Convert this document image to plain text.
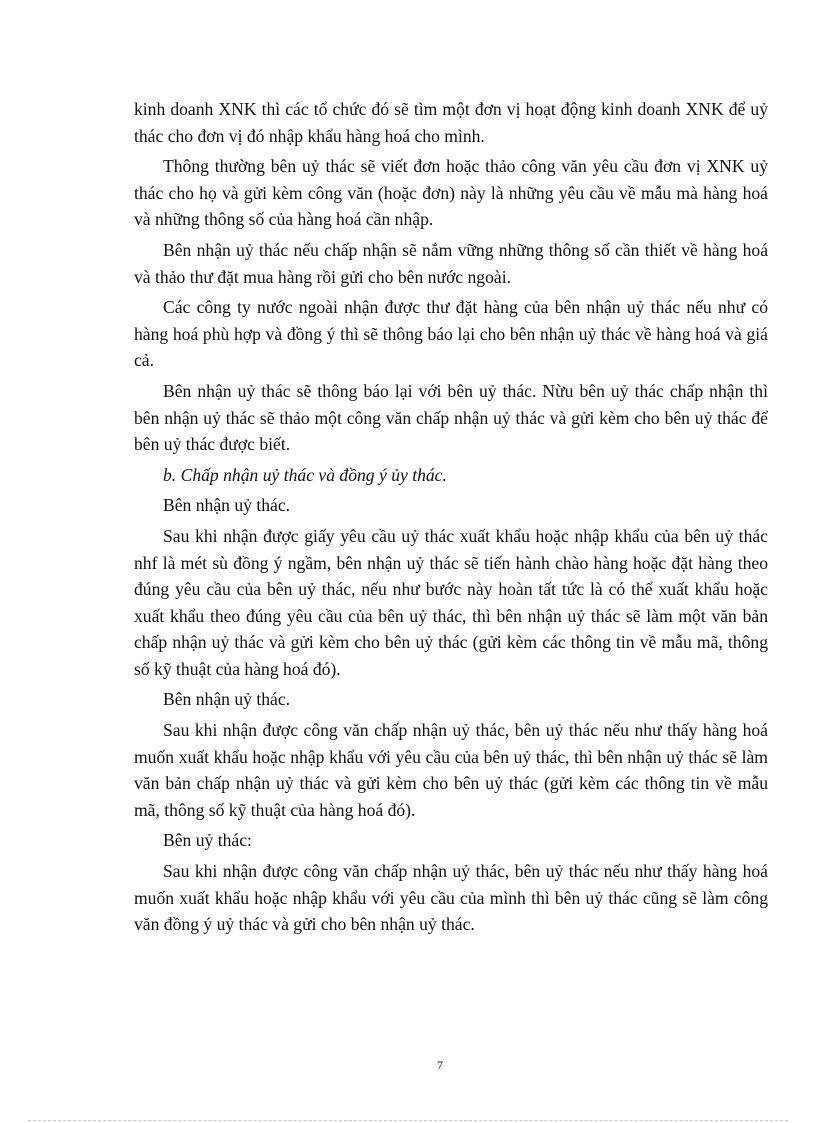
kinh doanh XNK thì các tổ chức đó sẽ tìm một đơn vị hoạt động kinh doanh XNK để uỷ thác cho đơn vị đó nhập khẩu hàng hoá cho mình.

Thông thường bên uỷ thác sẽ viết đơn hoặc thảo công văn yêu cầu đơn vị XNK uỷ thác cho họ và gửi kèm công văn (hoặc đơn) này là những yêu cầu về mẫu mà hàng hoá và những thông số của hàng hoá cần nhập.

Bên nhận uỷ thác nếu chấp nhận sẽ nắm vững những thông số cần thiết về hàng hoá và thảo thư đặt mua hàng rồi gửi cho bên nước ngoài.

Các công ty nước ngoài nhận được thư đặt hàng của bên nhận uỷ thác nếu như có hàng hoá phù hợp và đồng ý thì sẽ thông báo lại cho bên nhận uỷ thác về hàng hoá và giá cả.

Bên nhận uỷ thác sẽ thông báo lại với bên uỷ thác. Nừu bên uỷ thác chấp nhận thì bên nhận uỷ thác sẽ thảo một công văn chấp nhận uỷ thác và gửi kèm cho bên uỷ thác để bên uỷ thác được biết.

b. Chấp nhận uỷ thác và đồng ý ủy thác.

Bên nhận uỷ thác.

Sau khi nhận được giấy yêu cầu uỷ thác xuất khẩu hoặc nhập khẩu của bên uỷ thác nhf là mét sù đồng ý ngầm, bên nhận uỷ thác sẽ tiến hành chào hàng hoặc đặt hàng theo đúng yêu cầu của bên uỷ thác, nếu như bước này hoàn tất tức là có thể xuất khẩu hoặc xuất khẩu theo đúng yêu cầu của bên uỷ thác, thì bên nhận uỷ thác sẽ làm một văn bản chấp nhận uỷ thác và gửi kèm cho bên uỷ thác (gửi kèm các thông tin về mẫu mã, thông số kỹ thuật của hàng hoá đó).

Bên nhận uỷ thác.

Sau khi nhận được công văn chấp nhận uỷ thác, bên uỷ thác nếu như thấy hàng hoá muốn xuất khẩu hoặc nhập khẩu với yêu cầu của bên uỷ thác, thì bên nhận uỷ thác sẽ làm văn bản chấp nhận uỷ thác và gửi kèm cho bên uỷ thác (gửi kèm các thông tin về mẫu mã, thông số kỹ thuật của hàng hoá đó).

Bên uỷ thác:

Sau khi nhận được công văn chấp nhận uỷ thác, bên uỷ thác nếu như thấy hàng hoá muốn xuất khẩu hoặc nhập khẩu với yêu cầu của mình thì bên uỷ thác cũng sẽ làm công văn đồng ý uỷ thác và gửi cho bên nhận uỷ thác.

7
